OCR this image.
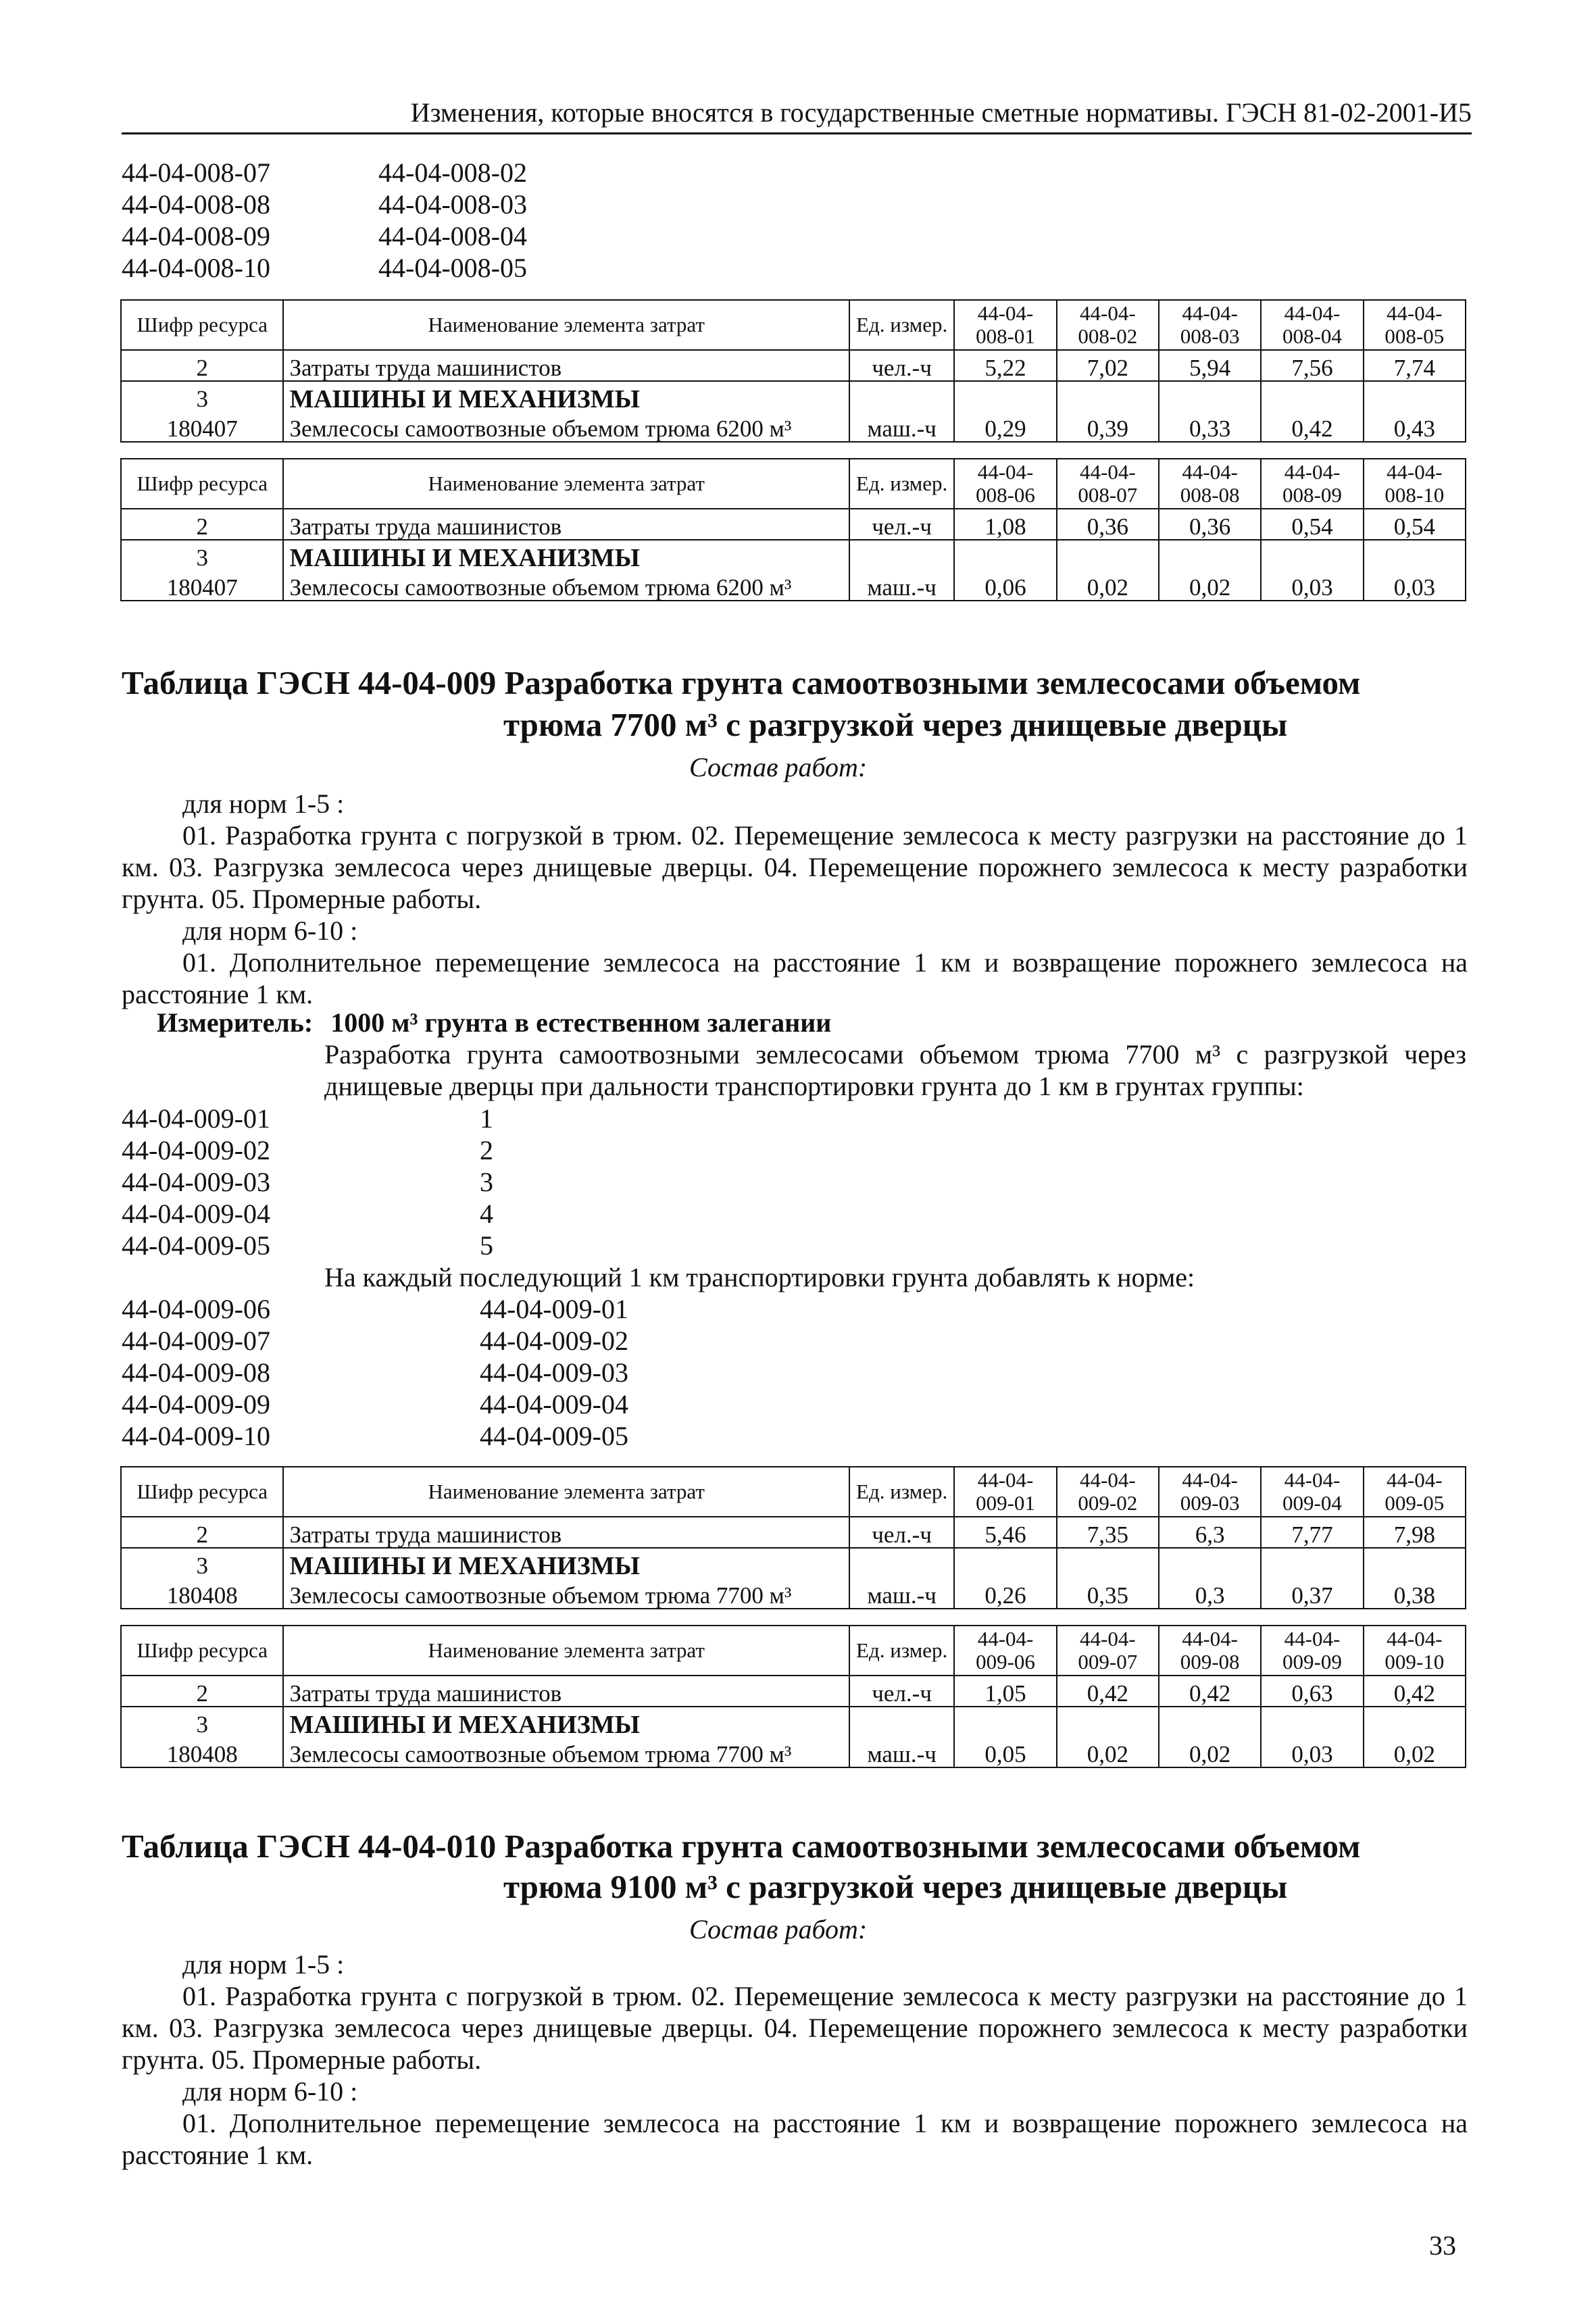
Изменения, которые вносятся в государственные сметные нормативы. ГЭСН 81-02-2001-И5
44-04-008-07	44-04-008-02
44-04-008-08	44-04-008-03
44-04-008-09	44-04-008-04
44-04-008-10	44-04-008-05
Шифр ресурса	Наименование элемента затрат	Ед. измер.	44-04-008-01	44-04-008-02	44-04-008-03	44-04-008-04	44-04-008-05
2	Затраты труда машинистов	чел.-ч	5,22	7,02	5,94	7,56	7,74
3	МАШИНЫ И МЕХАНИЗМЫ						
180407	Землесосы самоотвозные объемом трюма 6200 м³	маш.-ч	0,29	0,39	0,33	0,42	0,43
Шифр ресурса	Наименование элемента затрат	Ед. измер.	44-04-008-06	44-04-008-07	44-04-008-08	44-04-008-09	44-04-008-10
2	Затраты труда машинистов	чел.-ч	1,08	0,36	0,36	0,54	0,54
3	МАШИНЫ И МЕХАНИЗМЫ						
180407	Землесосы самоотвозные объемом трюма 6200 м³	маш.-ч	0,06	0,02	0,02	0,03	0,03
Таблица ГЭСН 44-04-009 Разработка грунта самоотвозными землесосами объемом
трюма 7700 м³ с разгрузкой через днищевые дверцы
Состав работ:

для норм 1-5 :

01. Разработка грунта с погрузкой в трюм. 02. Перемещение землесоса к месту разгрузки на расстояние до 1 км. 03. Разгрузка землесоса через днищевые дверцы. 04. Перемещение порожнего землесоса к месту разработки грунта. 05. Промерные работы.

для норм 6-10 :

01. Дополнительное перемещение землесоса на расстояние 1 км и возвращение порожнего землесоса на расстояние 1 км.

Измеритель: 1000 м³ грунта в естественном залегании
Разработка грунта самоотвозными землесосами объемом трюма 7700 м³ с разгрузкой через днищевые дверцы при дальности транспортировки грунта до 1 км в грунтах группы:
44-04-009-01	1
44-04-009-02	2
44-04-009-03	3
44-04-009-04	4
44-04-009-05	5
На каждый последующий 1 км транспортировки грунта добавлять к норме:
44-04-009-06	44-04-009-01
44-04-009-07	44-04-009-02
44-04-009-08	44-04-009-03
44-04-009-09	44-04-009-04
44-04-009-10	44-04-009-05
Шифр ресурса	Наименование элемента затрат	Ед. измер.	44-04-009-01	44-04-009-02	44-04-009-03	44-04-009-04	44-04-009-05
2	Затраты труда машинистов	чел.-ч	5,46	7,35	6,3	7,77	7,98
3	МАШИНЫ И МЕХАНИЗМЫ						
180408	Землесосы самоотвозные объемом трюма 7700 м³	маш.-ч	0,26	0,35	0,3	0,37	0,38
Шифр ресурса	Наименование элемента затрат	Ед. измер.	44-04-009-06	44-04-009-07	44-04-009-08	44-04-009-09	44-04-009-10
2	Затраты труда машинистов	чел.-ч	1,05	0,42	0,42	0,63	0,42
3	МАШИНЫ И МЕХАНИЗМЫ						
180408	Землесосы самоотвозные объемом трюма 7700 м³	маш.-ч	0,05	0,02	0,02	0,03	0,02
Таблица ГЭСН 44-04-010 Разработка грунта самоотвозными землесосами объемом
трюма 9100 м³ с разгрузкой через днищевые дверцы
Состав работ:

для норм 1-5 :

01. Разработка грунта с погрузкой в трюм. 02. Перемещение землесоса к месту разгрузки на расстояние до 1 км. 03. Разгрузка землесоса через днищевые дверцы. 04. Перемещение порожнего землесоса к месту разработки грунта. 05. Промерные работы.

для норм 6-10 :

01. Дополнительное перемещение землесоса на расстояние 1 км и возвращение порожнего землесоса на расстояние 1 км.

33
